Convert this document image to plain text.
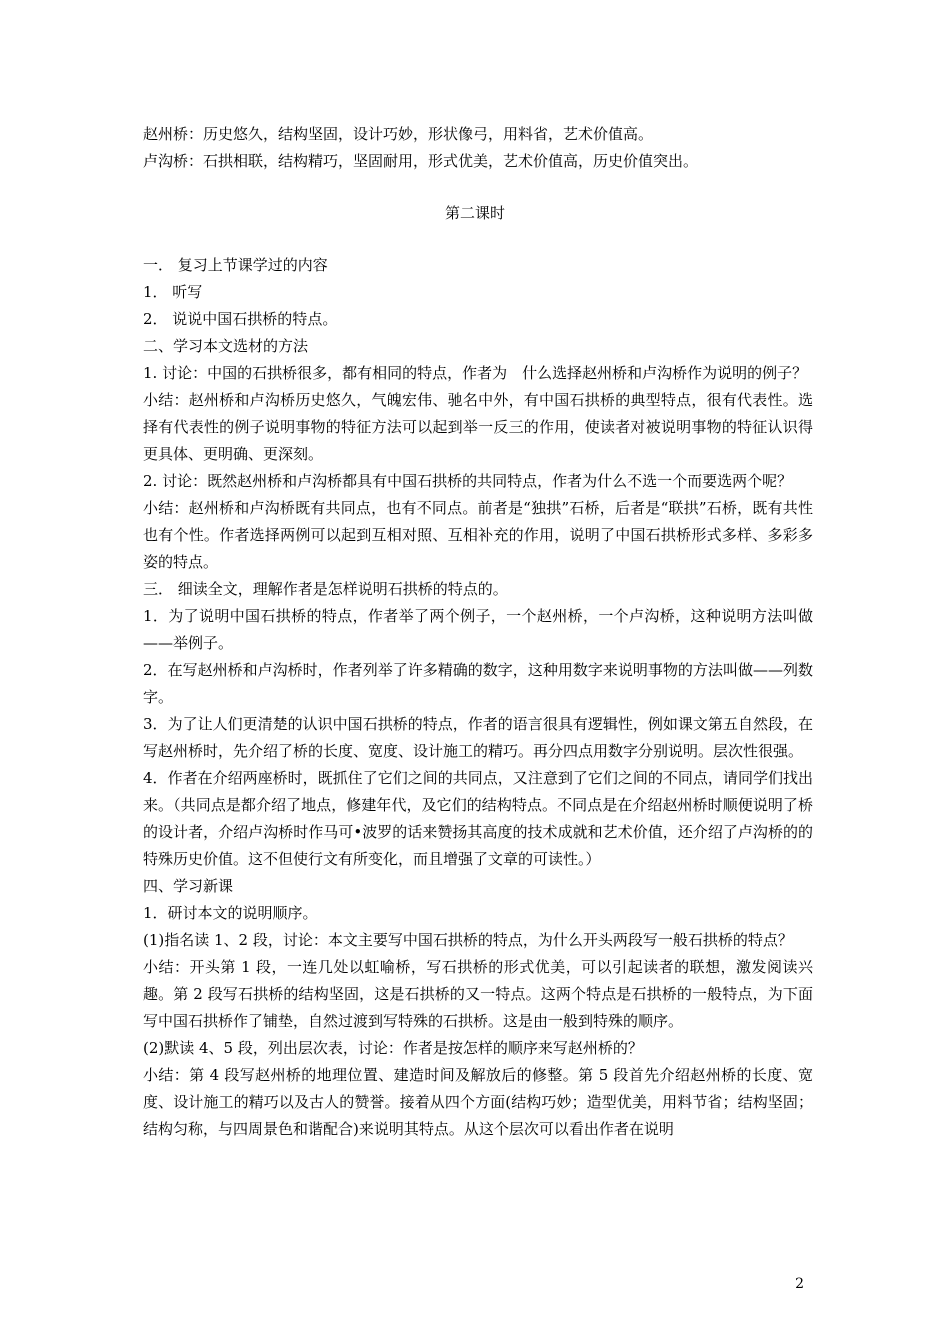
赵州桥：历史悠久，结构坚固，设计巧妙，形状像弓，用料省，艺术价值高。

卢沟桥：石拱相联，结构精巧，坚固耐用，形式优美，艺术价值高，历史价值突出。

第二课时

一． 复习上节课学过的内容

1． 听写

2． 说说中国石拱桥的特点。

二、学习本文选材的方法

1. 讨论：中国的石拱桥很多，都有相同的特点，作者为　什么选择赵州桥和卢沟桥作为说明的例子？

小结：赵州桥和卢沟桥历史悠久，气魄宏伟、驰名中外，有中国石拱桥的典型特点，很有代表性。选择有代表性的例子说明事物的特征方法可以起到举一反三的作用，使读者对被说明事物的特征认识得更具体、更明确、更深刻。

2. 讨论：既然赵州桥和卢沟桥都具有中国石拱桥的共同特点，作者为什么不选一个而要选两个呢？

小结：赵州桥和卢沟桥既有共同点，也有不同点。前者是“独拱”石桥，后者是“联拱”石桥，既有共性也有个性。作者选择两例可以起到互相对照、互相补充的作用，说明了中国石拱桥形式多样、多彩多姿的特点。

三． 细读全文，理解作者是怎样说明石拱桥的特点的。

1．为了说明中国石拱桥的特点，作者举了两个例子，一个赵州桥，一个卢沟桥，这种说明方法叫做——举例子。

2．在写赵州桥和卢沟桥时，作者列举了许多精确的数字，这种用数字来说明事物的方法叫做——列数字。

3．为了让人们更清楚的认识中国石拱桥的特点，作者的语言很具有逻辑性，例如课文第五自然段，在写赵州桥时，先介绍了桥的长度、宽度、设计施工的精巧。再分四点用数字分别说明。层次性很强。

4．作者在介绍两座桥时，既抓住了它们之间的共同点，又注意到了它们之间的不同点，请同学们找出来。（共同点是都介绍了地点，修建年代，及它们的结构特点。不同点是在介绍赵州桥时顺便说明了桥的设计者，介绍卢沟桥时作马可•波罗的话来赞扬其高度的技术成就和艺术价值，还介绍了卢沟桥的的特殊历史价值。这不但使行文有所变化，而且增强了文章的可读性。）

四、学习新课

1．研讨本文的说明顺序。

(1)指名读 1、2 段，讨论：本文主要写中国石拱桥的特点，为什么开头两段写一般石拱桥的特点？

小结：开头第 1 段，一连几处以虹喻桥，写石拱桥的形式优美，可以引起读者的联想，激发阅读兴趣。第 2 段写石拱桥的结构坚固，这是石拱桥的又一特点。这两个特点是石拱桥的一般特点，为下面写中国石拱桥作了铺垫，自然过渡到写特殊的石拱桥。这是由一般到特殊的顺序。

(2)默读 4、5 段，列出层次表，讨论：作者是按怎样的顺序来写赵州桥的？

小结：第 4 段写赵州桥的地理位置、建造时间及解放后的修整。第 5 段首先介绍赵州桥的长度、宽度、设计施工的精巧以及古人的赞誉。接着从四个方面(结构巧妙；造型优美，用料节省；结构坚固；结构匀称，与四周景色和谐配合)来说明其特点。从这个层次可以看出作者在说明

2
